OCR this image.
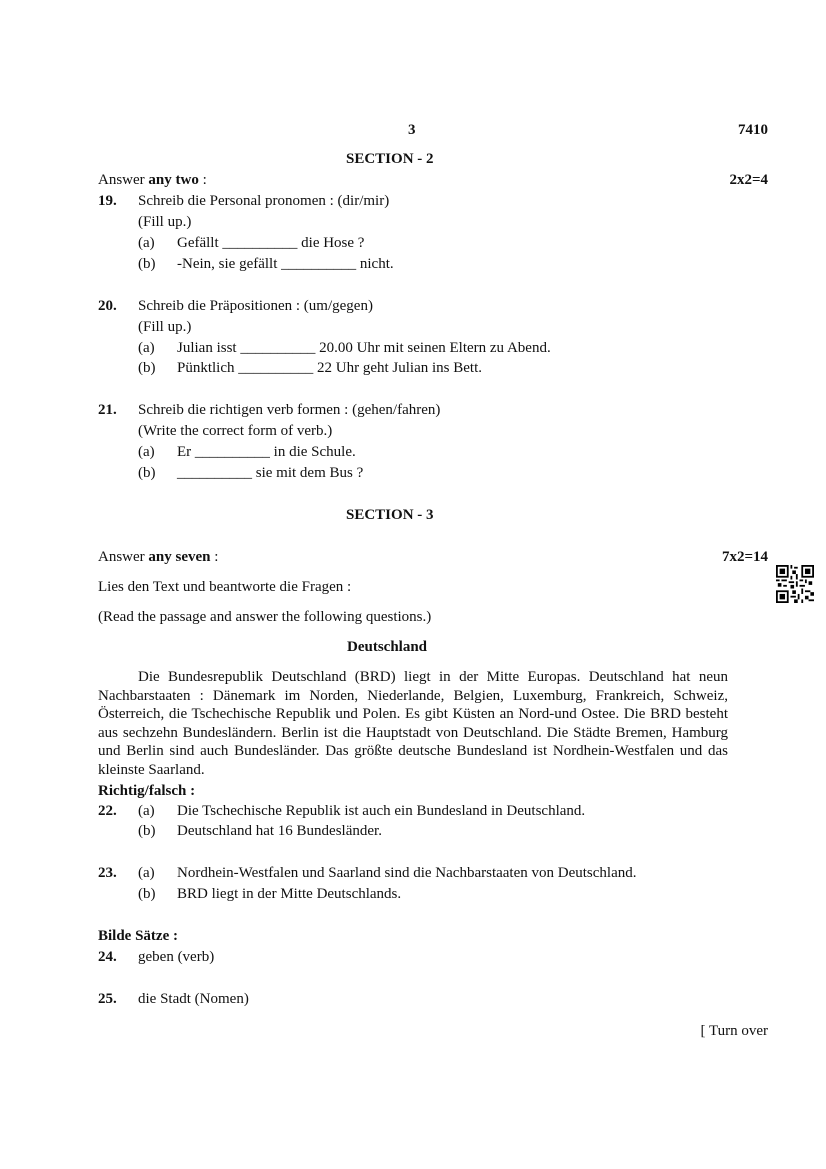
3	7410
SECTION - 2
Answer any two :	2x2=4
19. Schreib die Personal pronomen : (dir/mir)
(Fill up.)
(a) Gefällt __________ die Hose ?
(b) -Nein, sie gefällt __________ nicht.
20. Schreib die Präpositionen : (um/gegen)
(Fill up.)
(a) Julian isst __________ 20.00 Uhr mit seinen Eltern zu Abend.
(b) Pünktlich __________ 22 Uhr geht Julian ins Bett.
21. Schreib die richtigen verb formen : (gehen/fahren)
(Write the correct form of verb.)
(a) Er __________ in die Schule.
(b) __________ sie mit dem Bus ?
SECTION - 3
Answer any seven :	7x2=14
Lies den Text und beantworte die Fragen :
(Read the passage and answer the following questions.)
Deutschland
Die Bundesrepublik Deutschland (BRD) liegt in der Mitte Europas. Deutschland hat neun Nachbarstaaten : Dänemark im Norden, Niederlande, Belgien, Luxemburg, Frankreich, Schweiz, Österreich, die Tschechische Republik und Polen. Es gibt Küsten an Nord-und Ostee. Die BRD besteht aus sechzehn Bundesländern. Berlin ist die Hauptstadt von Deutschland. Die Städte Bremen, Hamburg und Berlin sind auch Bundesländer. Das größte deutsche Bundesland ist Nordhein-Westfalen und das kleinste Saarland.
Richtig/falsch :
22. (a) Die Tschechische Republik ist auch ein Bundesland in Deutschland.
(b) Deutschland hat 16 Bundesländer.
23. (a) Nordhein-Westfalen und Saarland sind die Nachbarstaaten von Deutschland.
(b) BRD liegt in der Mitte Deutschlands.
Bilde Sätze :
24. geben (verb)
25. die Stadt (Nomen)
[ Turn over
